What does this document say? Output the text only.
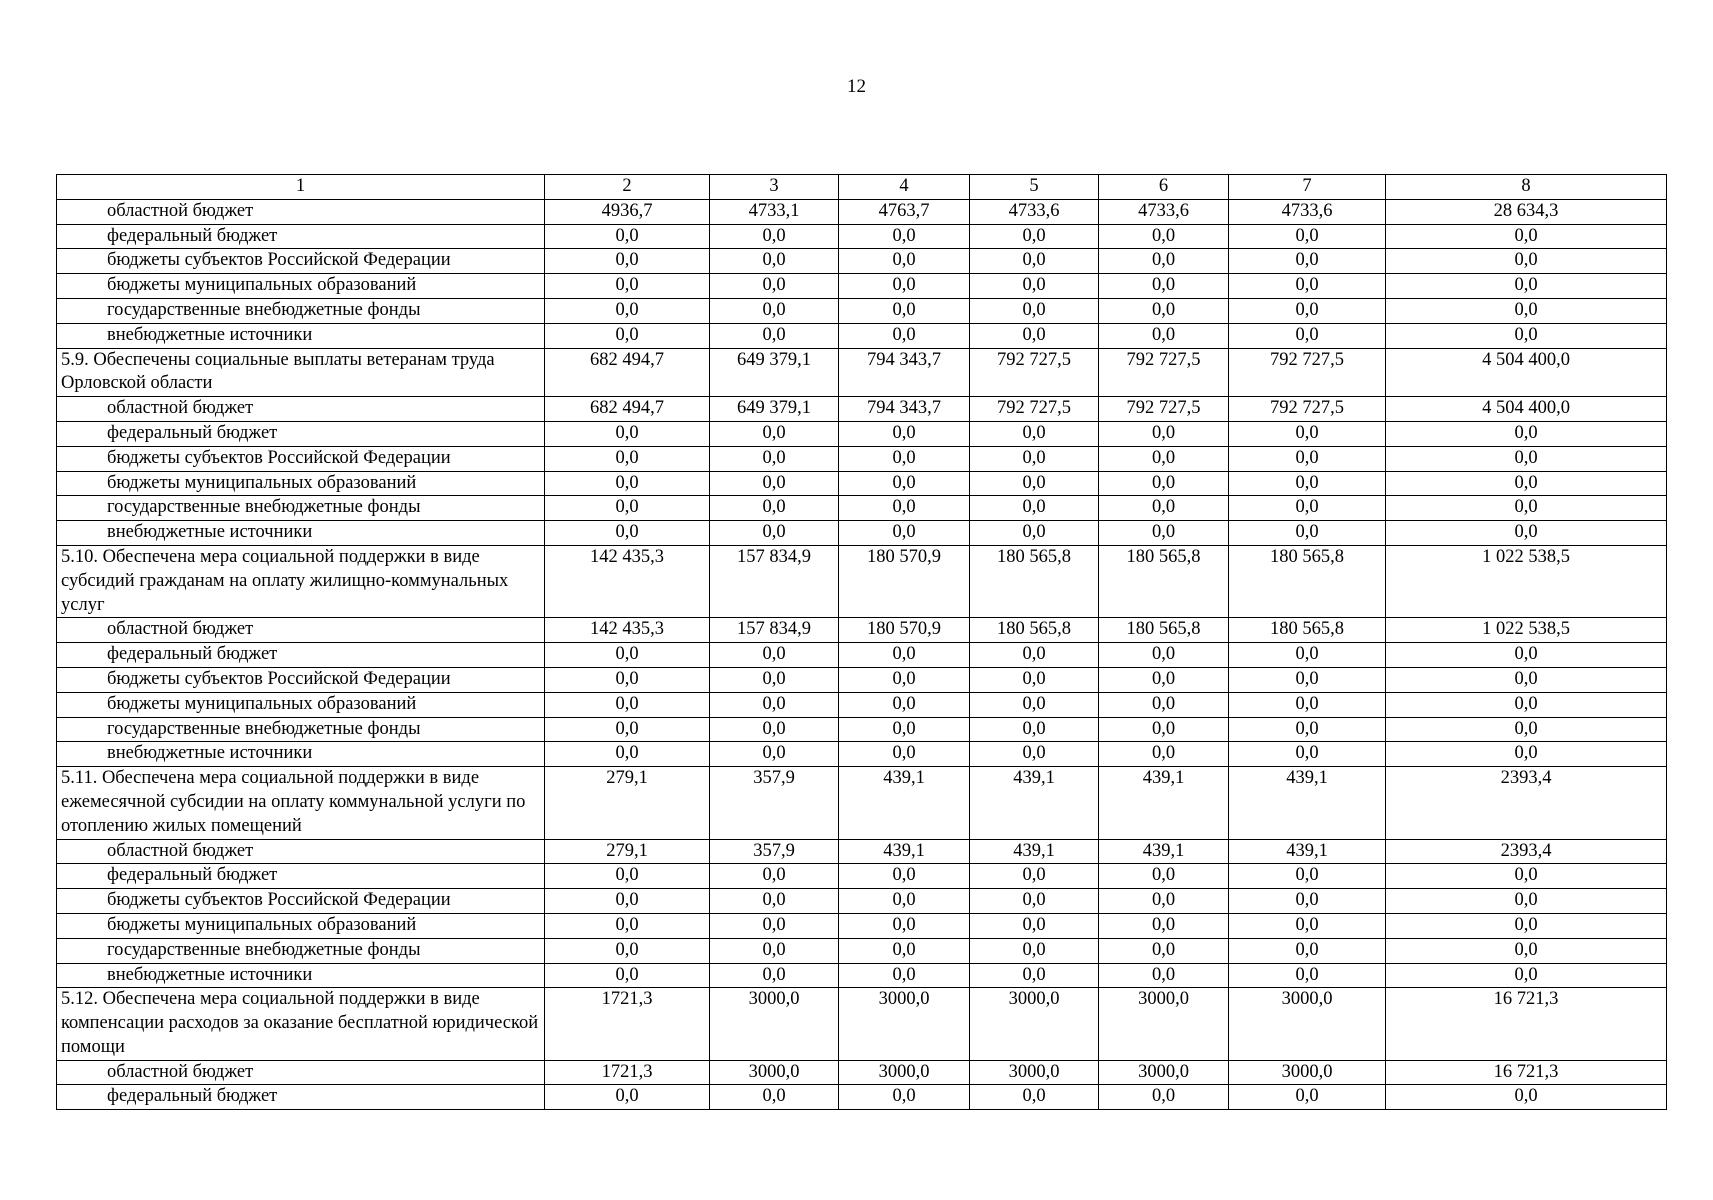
12
1	2	3	4	5	6	7	8
областной бюджет	4936,7	4733,1	4763,7	4733,6	4733,6	4733,6	28 634,3
федеральный бюджет	0,0	0,0	0,0	0,0	0,0	0,0	0,0
бюджеты субъектов Российской Федерации	0,0	0,0	0,0	0,0	0,0	0,0	0,0
бюджеты муниципальных образований	0,0	0,0	0,0	0,0	0,0	0,0	0,0
государственные внебюджетные фонды	0,0	0,0	0,0	0,0	0,0	0,0	0,0
внебюджетные источники	0,0	0,0	0,0	0,0	0,0	0,0	0,0
5.9. Обеспечены социальные выплаты ветеранам труда Орловской области	682 494,7	649 379,1	794 343,7	792 727,5	792 727,5	792 727,5	4 504 400,0
областной бюджет	682 494,7	649 379,1	794 343,7	792 727,5	792 727,5	792 727,5	4 504 400,0
федеральный бюджет	0,0	0,0	0,0	0,0	0,0	0,0	0,0
бюджеты субъектов Российской Федерации	0,0	0,0	0,0	0,0	0,0	0,0	0,0
бюджеты муниципальных образований	0,0	0,0	0,0	0,0	0,0	0,0	0,0
государственные внебюджетные фонды	0,0	0,0	0,0	0,0	0,0	0,0	0,0
внебюджетные источники	0,0	0,0	0,0	0,0	0,0	0,0	0,0
5.10. Обеспечена мера социальной поддержки в виде субсидий гражданам на оплату жилищно-коммунальных услуг	142 435,3	157 834,9	180 570,9	180 565,8	180 565,8	180 565,8	1 022 538,5
областной бюджет	142 435,3	157 834,9	180 570,9	180 565,8	180 565,8	180 565,8	1 022 538,5
федеральный бюджет	0,0	0,0	0,0	0,0	0,0	0,0	0,0
бюджеты субъектов Российской Федерации	0,0	0,0	0,0	0,0	0,0	0,0	0,0
бюджеты муниципальных образований	0,0	0,0	0,0	0,0	0,0	0,0	0,0
государственные внебюджетные фонды	0,0	0,0	0,0	0,0	0,0	0,0	0,0
внебюджетные источники	0,0	0,0	0,0	0,0	0,0	0,0	0,0
5.11. Обеспечена мера социальной поддержки в виде ежемесячной субсидии на оплату коммунальной услуги по отоплению жилых помещений	279,1	357,9	439,1	439,1	439,1	439,1	2393,4
областной бюджет	279,1	357,9	439,1	439,1	439,1	439,1	2393,4
федеральный бюджет	0,0	0,0	0,0	0,0	0,0	0,0	0,0
бюджеты субъектов Российской Федерации	0,0	0,0	0,0	0,0	0,0	0,0	0,0
бюджеты муниципальных образований	0,0	0,0	0,0	0,0	0,0	0,0	0,0
государственные внебюджетные фонды	0,0	0,0	0,0	0,0	0,0	0,0	0,0
внебюджетные источники	0,0	0,0	0,0	0,0	0,0	0,0	0,0
5.12. Обеспечена мера социальной поддержки в виде компенсации расходов за оказание бесплатной юридической помощи	1721,3	3000,0	3000,0	3000,0	3000,0	3000,0	16 721,3
областной бюджет	1721,3	3000,0	3000,0	3000,0	3000,0	3000,0	16 721,3
федеральный бюджет	0,0	0,0	0,0	0,0	0,0	0,0	0,0
